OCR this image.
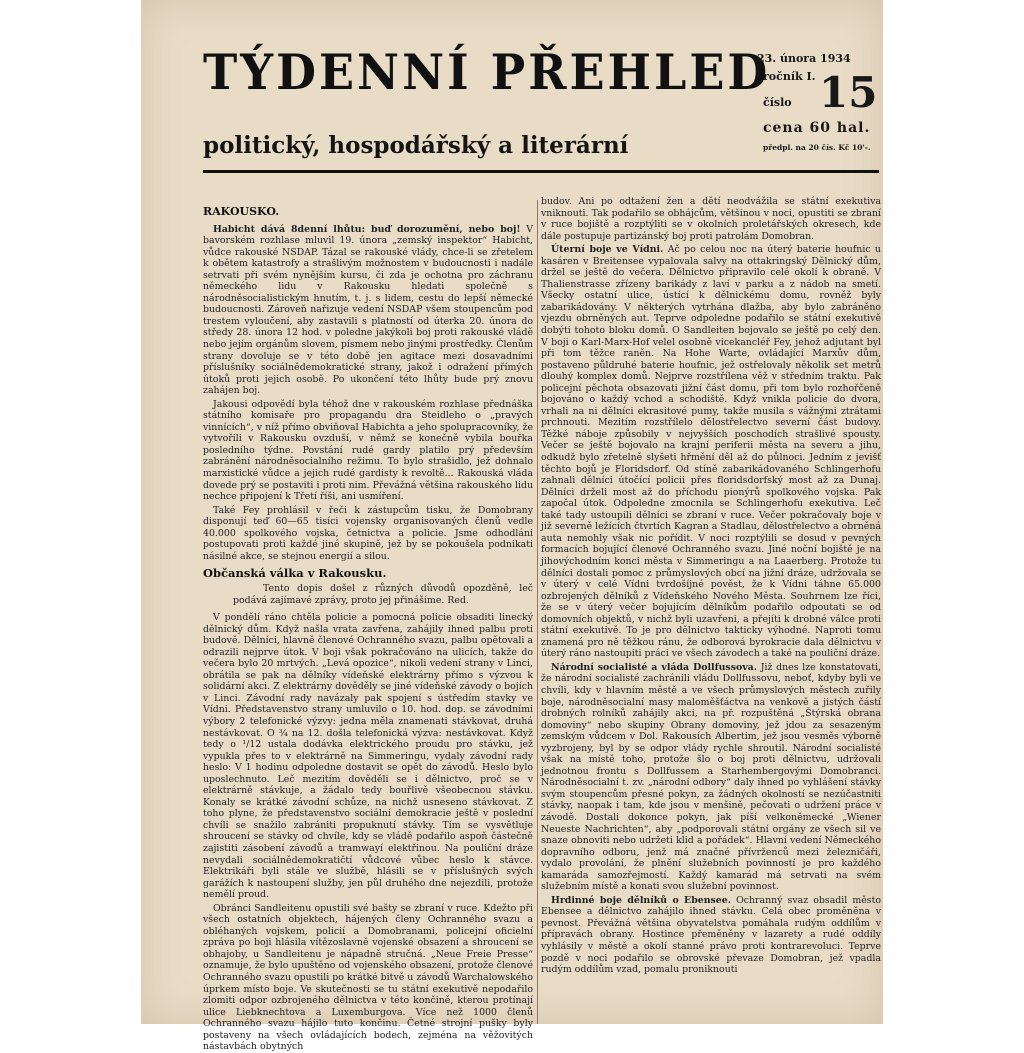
TÝDENNÍ PŘEHLED
politický, hospodářský a literární
23. února 1934
ročník I.
číslo 15
cena 60 hal.
předpl. na 20 čís. Kč 10'-.
RAKOUSKO.

Habicht dává 8denní lhůtu: buď dorozumění, nebo boj! V bavorském rozhlase mluvil 19. února „zemský inspektor“ Habicht, vůdce rakouské NSDAP. Tázal se rakouské vlády, chce-li se zřetelem k obětem katastrofy a strašlivým možnostem v budoucnosti i nadále setrvati při svém nynějším kursu, či zda je ochotna pro záchranu německého lidu v Rakousku hledati společně s národněsocialistickým hnutím, t. j. s lidem, cestu do lepší německé budoucnosti. Zároveň nařizuje vedení NSDAP všem stoupencům pod trestem vyloučení, aby zastavili s platností od úterka 20. února do středy 28. února 12 hod. v poledne jakýkoli boj proti rakouské vládě nebo jejím orgánům slovem, písmem nebo jinými prostředky. Členům strany dovoluje se v této době jen agitace mezi dosavadními příslušníky sociálnědemokratické strany, jakož i odražení přímých útoků proti jejich osobě. Po ukončení této lhůty bude prý znovu zahájen boj.

Jakousi odpovědí byla téhož dne v rakouském rozhlase přednáška státního komisaře pro propagandu dra Steidleho o „pravých vinnících“, v níž přímo obviňoval Habichta a jeho spolupracovníky, že vytvořili v Rakousku ovzduší, v němž se konečně vybila bouřka posledního týdne. Povstání rudé gardy platilo prý především zabránění národněsocialního režimu. To bylo strašidlo, jež dohnalo marxistické vůdce a jejich rudé gardisty k revoltě... Rakouská vláda dovede prý se postaviti i proti nim. Převážná většina rakouského lidu nechce připojení k Třetí říši, ani usmíření.

Také Fey prohlásil v řeči k zástupcům tisku, že Domobrany disponují teď 60—65 tisíci vojensky organisovaných členů vedle 40.000 spolkového vojska, četnictva a policie. Jsme odhodláni postupovati proti každé jiné skupině, jež by se pokoušela podnikati násilné akce, se stejnou energií a silou.

Občanská válka v Rakousku.

Tento dopis došel z různých důvodů opozděně, leč podává zajímavé zprávy, proto jej přinášíme. Red.

V pondělí ráno chtěla policie a pomocná policie obsaditi linecký dělnický dům. Když našla vrata zavřena, zahájily ihned palbu proti budově. Dělníci, hlavně členové Ochranného svazu, palbu opětovali a odrazili nejprve útok. V boji však pokračováno na ulicích, takže do večera bylo 20 mrtvých. „Levá opozice“, nikoli vedení strany v Linci, obrátila se pak na dělníky vídeňské elektrárny přímo s výzvou k solidární akci. Z elektrárny dověděly se jiné vídeňské závody o bojích v Linci. Závodní rady navázaly pak spojení s ústředím stavky ve Vídni. Představenstvo strany umluvilo o 10. hod. dop. se závodními výbory 2 telefonické výzvy: jedna měla znamenati stávkovat, druhá nestávkovat. O ¾ na 12. došla telefonická výzva: nestávkovat. Když tedy o ¹/12 ustala dodávka elektrického proudu pro stávku, jež vypukla přes to v elektrárně na Simmeringu, vydaly závodní rady heslo: V 1 hodinu odpoledne dostavit se opět do závodů. Heslo bylo uposlechnuto. Leč mezitím dověděli se i dělnictvo, proč se v elektrárně stávkuje, a žádalo tedy bouřlivě všeobecnou stávku. Konaly se krátké závodní schůze, na nichž usneseno stávkovat. Z toho plyne, že představenstvo sociální demokracie ještě v poslední chvíli se snažilo zabrániti propuknutí stávky. Tím se vysvětluje shroucení se stávky od chvíle, kdy se vládě podařilo aspoň částečně zajistiti zásobení závodů a tramwayí elektřinou. Na pouliční dráze nevydali sociálnědemokratičtí vůdcové vůbec heslo k stávce. Elektrikáři byli stále ve službě, hlásili se v příslušných svých garážích k nastoupení služby, jen půl druhého dne nejezdili, protože nemělí proud.

Obránci Sandleitenu opustili své bašty se zbraní v ruce. Kdežto při všech ostatních objektech, hájených členy Ochranného svazu a obléhaných vojskem, policií a Domobranami, policejní oficielní zpráva po boji hlásila vítězoslavně vojenské obsazení a shroucení se obhajoby, u Sandleitenu je nápadně stručná. „Neue Freie Presse“ oznamuje, že bylo upuštěno od vojenského obsazení, protože členové Ochranného svazu opustili po krátké bitvě u závodů Warchalowského úprkem místo boje. Ve skutečnosti se tu státní exekutivě nepodařilo zlomiti odpor ozbrojeného dělnictva v této končině, kterou protínají ulice Liebknechtova a Luxemburgova. Více než 1000 členů Ochranného svazu hájilo tuto končinu. Četné strojní pušky byly postaveny na všech ovládajících bodech, zejména na věžovitých nástavbách obytných

budov. Ani po odtažení žen a dětí neodvážila se státní exekutiva vniknouti. Tak podařilo se obhájcům, většinou v noci, opustiti se zbraní v ruce bojiště a rozptýliti se v okolních proletářských okresech, kde dále postupuje partizánský boj proti patrolám Domobran.

Úterní boje ve Vídni. Ač po celou noc na úterý baterie houfnic u kasáren v Breitensee vypalovala salvy na ottakringský Dělnický dům, držel se ještě do večera. Dělnictvo připravilo celé okolí k obraně. V Thalienstrasse zřízeny barikády z laví v parku a z nádob na smetí. Všecky ostatní ulice, ústící k dělnickému domu, rovněž byly zabarikádovány. V některých vytrhána dlažba, aby bylo zabráněno vjezdu obrněných aut. Teprve odpoledne podařilo se státní exekutivě dobýti tohoto bloku domů. O Sandleiten bojovalo se ještě po celý den. V boji o Karl-Marx-Hof velel osobně vicekancléř Fey, jehož adjutant byl při tom těžce raněn. Na Hohe Warte, ovládající Marxův dům, postaveno půldruhé baterie houfnic, jež ostřelovaly několik set metrů dlouhý komplex domů. Nejprve rozstřílena věž v středním traktu. Pak policejní pěchota obsazovati jižní část domu, při tom bylo rozhořčeně bojováno o každý vchod a schodiště. Když vnikla policie do dvora, vrhali na ni dělníci ekrasitové pumy, takže musila s vážnými ztrátami prchnouti. Mezitím rozstřílelo dělostřelectvo severní část budovy. Těžké náboje způsobily v nejvyšších poschodích strašlivé spousty. Večer se ještě bojovalo na krajní periferii města na severu a jihu, odkudž bylo zřetelně slyšeti hřmění děl až do půlnoci. Jedním z jevišť těchto bojů je Floridsdorf. Od stíně zabarikádovaného Schlingerhofu zahnali dělníci útočící policii přes floridsdorfský most až za Dunaj. Dělníci drželi most až do příchodu pionýrů spolkového vojska. Pak započal útok. Odpoledne zmocnila se Schlingerhofu exekutiva. Leč také tady ustoupili dělníci se zbraní v ruce. Večer pokračovaly boje v již severně ležících čtvrtích Kagran a Stadlau, dělostřelectvo a obrněná auta nemohly však nic pořídit. V noci rozptýlili se dosud v pevných formacích bojující členové Ochranného svazu. Jiné noční bojiště je na jihovýchodním konci města v Simmeringu a na Laaerberg. Protože tu dělníci dostali pomoc z průmyslových obcí na jižní dráze, udržovala se v úterý v celé Vídni tvrdošíjné pověst, že k Vídni táhne 65.000 ozbrojených dělníků z Vídeňského Nového Města. Souhrnem lze říci, že se v úterý večer bojujícím dělníkům podařilo odpoutati se od domovních objektů, v nichž byli uzavřeni, a přejíti k drobné válce proti státní exekutivě. To je pro dělnictvo takticky výhodné. Naproti tomu znamená pro ně těžkou ránu, že odborová byrokracie dala dělnictvu v úterý ráno nastoupiti práci ve všech závodech a také na pouliční dráze.

Národní socialisté a vláda Dollfussova. Již dnes lze konstatovati, že národní socialisté zachránili vládu Dollfussovu, neboť, kdyby byli ve chvíli, kdy v hlavním městě a ve všech průmyslových městech zuřily boje, národněsocialní masy maloměšťáctva na venkově a jistých částí drobných rolníků zahájily akci, na př. rozpuštěná „Štýrská obrana domoviny“ nebo skupiny Obrany domoviny, jež jdou za sesazeným zemským vůdcem v Dol. Rakousích Albertim, jež jsou vesměs výborně vyzbrojeny, byl by se odpor vlády rychle shroutil. Národní socialisté však na místě toho, protože šlo o boj proti dělnictvu, udržovali jednotnou frontu s Dollfussem a Starhembergovými Domobranci. Národněsocialní t. zv. „národní odbory“ daly ihned po vyhlášení stávky svým stoupencům přesné pokyn, za žádných okolností se nezúčastniti stávky, naopak i tam, kde jsou v menšině, pečovati o udržení práce v závodě. Dostali dokonce pokyn, jak píší velkoněmecké „Wiener Neueste Nachrichten“, aby „podporovali státní orgány ze všech sil ve snaze obnoviti nebo udržeti klid a pořádek“. Hlavní vedení Německého dopravního odboru, jenž má značné přívrženců mezi železničáři, vydalo provolání, že plnění služebních povinností je pro každého kamaráda samozřejmostí. Každý kamarád má setrvati na svém služebním místě a konati svou služební povinnost.

Hrdinné boje dělníků o Ebensee. Ochranný svaz obsadil město Ebensee a dělnictvo zahájilo ihned stávku. Celá obec proměněna v pevnost. Převážná většina obyvatelstva pomáhala rudým oddílům v přípravách obrany. Hostince přeměněny v lazarety a rudé oddíly vyhlásily v městě a okolí stanné právo proti kontrarevoluci. Teprve pozdě v noci podařilo se obrovské převaze Domobran, jež vpadla rudým oddílům vzad, pomalu proniknouti
